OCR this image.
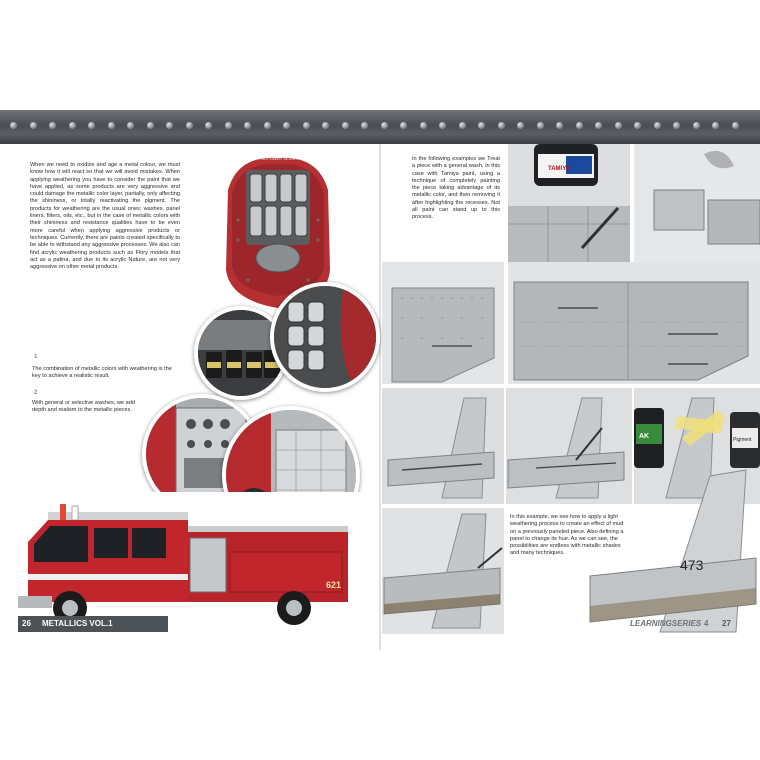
When we need to oxidize and age a metal colour, we must know how it will react so that we will avoid mistakes. When applying weathering you have to consider the paint that we have applied, as some products are very aggressive and could damage the metallic color layer, partially, only affecting the shininess, or totally reactivating the pigment. The products for weathering are the usual ones; washes, panel liners, filters, oils, etc., but in the case of metallic colors with their shininess and resistance qualities have to be even more careful when applying aggressive products or techniques. Currently, there are paints created specifically to be able to withstand any aggressive processes. We also can find acrylic weathering products such as Flory models that act as a patina, and due to its acrylic Nature, are not very aggressive on other metal products.
FIREPOWER SERIES
1
The combination of metallic colors with weathering is the key to achieve a realistic result.
2
With general or selective washes, we add depth and realism to the metallic pieces.
621
26 METALLICS VOL.1
In the following examples we Treat a piece with a general wash, in this case with Tamiya paint, using a technique of completely painting the piece taking advantage of its metallic color, and then removing it after highlighting the recesses. Not all paint can stand up to this process.
TAMIYA
AK	Pigment
In this example, we see how to apply a light weathering process to create an effect of mud on a previously paneled piece. Also defining a panel to change its hue. As we can see, the possibilities are endless with metallic shades and many techniques.
473
LEARNINGSERIES 4 27
